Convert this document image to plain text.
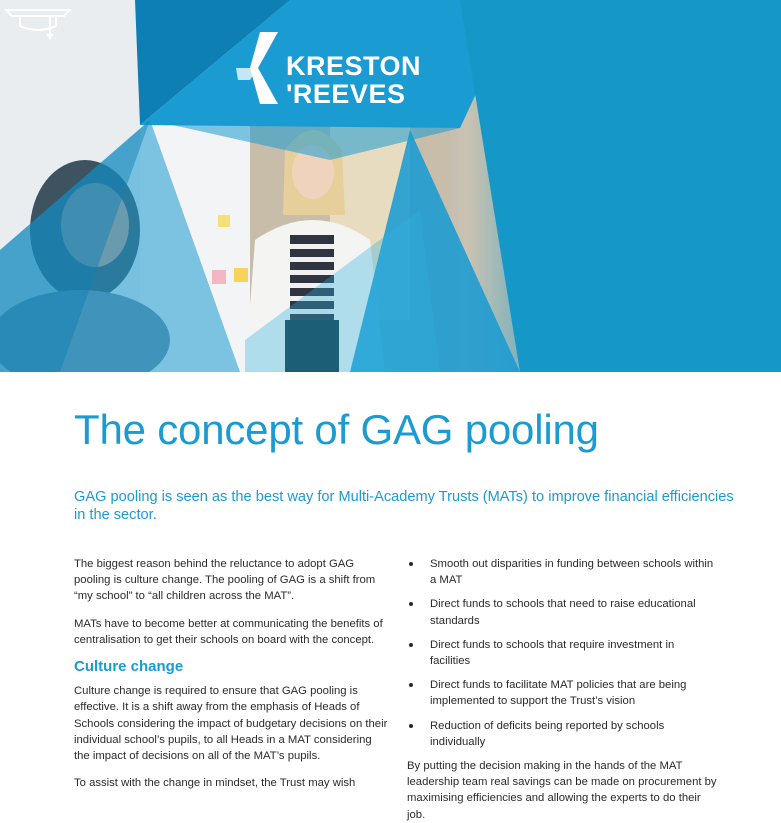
KRESTON
'REEVES
The concept of GAG pooling

GAG pooling is seen as the best way for Multi-Academy Trusts (MATs) to improve financial efficiencies in the sector.

The biggest reason behind the reluctance to adopt GAG pooling is culture change. The pooling of GAG is a shift from “my school” to “all children across the MAT”.

MATs have to become better at communicating the benefits of centralisation to get their schools on board with the concept.

Culture change

Culture change is required to ensure that GAG pooling is effective. It is a shift away from the emphasis of Heads of Schools considering the impact of budgetary decisions on their individual school’s pupils, to all Heads in a MAT considering the impact of decisions on all of the MAT’s pupils.

To assist with the change in mindset, the Trust may wish

Smooth out disparities in funding between schools within a MAT
Direct funds to schools that need to raise educational standards
Direct funds to schools that require investment in facilities
Direct funds to facilitate MAT policies that are being implemented to support the Trust’s vision
Reduction of deficits being reported by schools individually

By putting the decision making in the hands of the MAT leadership team real savings can be made on procurement by maximising efficiencies and allowing the experts to do their job.
